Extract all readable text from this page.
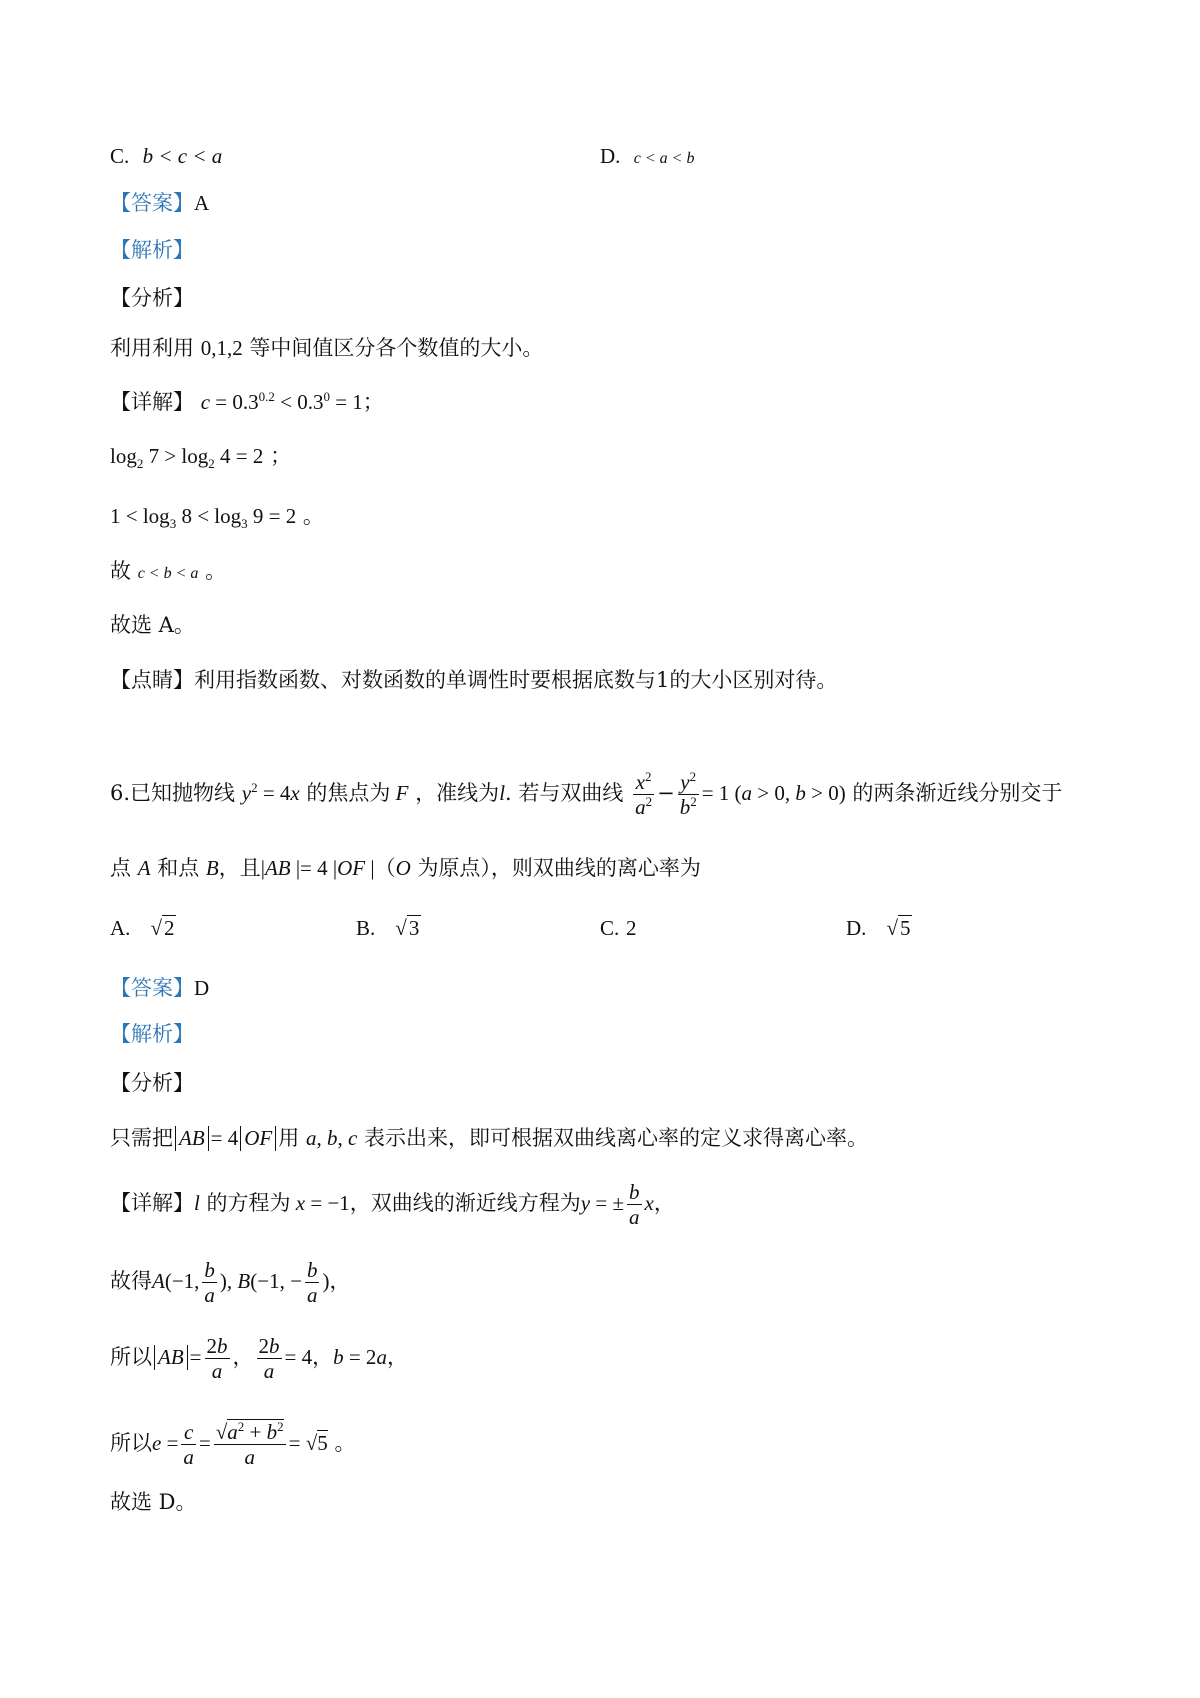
C. b < c < a	D. c < a < b
【答案】A
【解析】
【分析】
利用利用 0,1,2 等中间值区分各个数值的大小。
【详解】 $c = 0.3^{0.2} < 0.3^0 = 1$；
$\log_2 7 > \log_2 4 = 2$ ；
$1 < \log_3 8 < \log_3 9 = 2$ 。
故 c < b < a 。
故选 A。
【点睛】利用指数函数、对数函数的单调性时要根据底数与1的大小区别对待。
6.已知抛物线 $y^2 = 4x$ 的焦点为 F ，准线为l. 若与双曲线 $\frac{x^2}{a^2} - \frac{y^2}{b^2} = 1$ (a > 0, b > 0) 的两条渐近线分别交于
点 A 和点 B，且|AB |= 4 |OF |（O 为原点），则双曲线的离心率为
A. √2	B. √3	C. 2	D. √5
【答案】D
【解析】
【分析】
只需把 AB = 4 OF 用 a, b, c 表示出来，即可根据双曲线离心率的定义求得离心率。
【详解】l 的方程为 x = −1，双曲线的渐近线方程为y = ± $\frac{b}{a}$ x，
故得A(−1, $\frac{b}{a}$ ), B(−1, − $\frac{b}{a}$ )，
所以 AB = $\frac{2b}{a}$ ， $\frac{2b}{a} = 4$，b = 2a，
所以$e = \frac{c}{a} = \frac{√a^2 + b^2}{a} = √5$ 。
故选 D。
